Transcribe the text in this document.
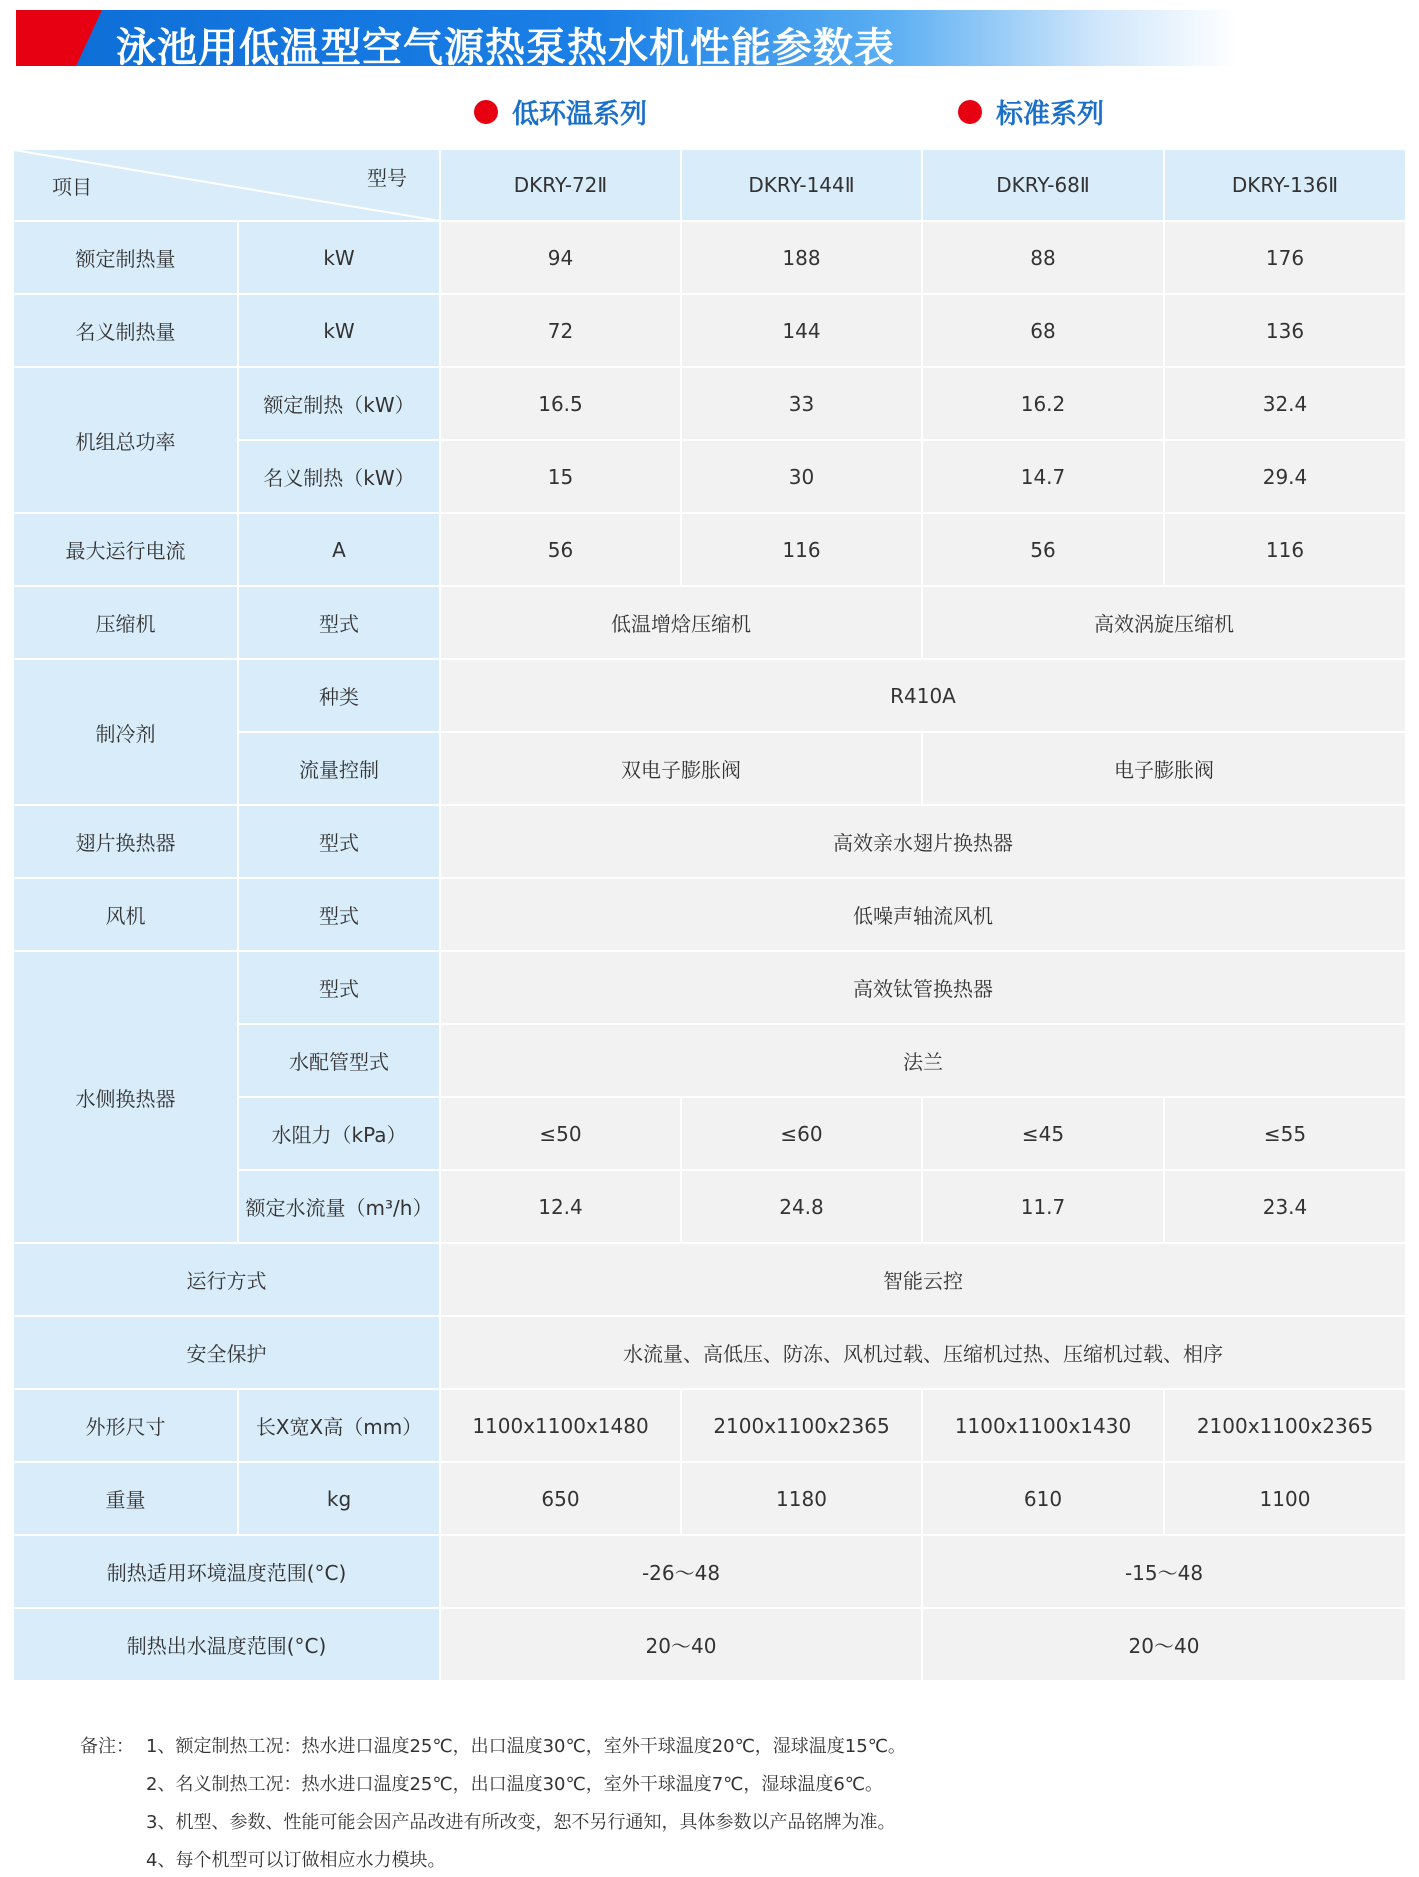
泳池用低温型空气源热泵热水机性能参数表
低环温系列	标准系列
项目 型号		DKRY-72Ⅱ	DKRY-144Ⅱ	DKRY-68Ⅱ	DKRY-136Ⅱ
额定制热量	kW	94	188	88	176
名义制热量	kW	72	144	68	136
机组总功率	额定制热（kW）	16.5	33	16.2	32.4
	名义制热（kW）	15	30	14.7	29.4
最大运行电流	A	56	116	56	116
压缩机	型式	低温增焓压缩机		高效涡旋压缩机	
制冷剂	种类	R410A			
	流量控制	双电子膨胀阀		电子膨胀阀	
翅片换热器	型式	高效亲水翅片换热器			
风机	型式	低噪声轴流风机			
水侧换热器	型式	高效钛管换热器			
	水配管型式	法兰			
	水阻力（kPa）	≤50	≤60	≤45	≤55
	额定水流量（m³/h）	12.4	24.8	11.7	23.4
运行方式		智能云控			
安全保护		水流量、高低压、防冻、风机过载、压缩机过热、压缩机过载、相序			
外形尺寸	长X宽X高（mm）	1100x1100x1480	2100x1100x2365	1100x1100x1430	2100x1100x2365
重量	kg	650	1180	610	1100
制热适用环境温度范围(°C)		-26～48		-15～48	
制热出水温度范围(°C)		20～40		20～40	
备注： 1、额定制热工况：热水进口温度25℃，出口温度30℃，室外干球温度20℃，湿球温度15℃。
2、名义制热工况：热水进口温度25℃，出口温度30℃，室外干球温度7℃，湿球温度6℃。
3、机型、参数、性能可能会因产品改进有所改变，恕不另行通知，具体参数以产品铭牌为准。
4、每个机型可以订做相应水力模块。
